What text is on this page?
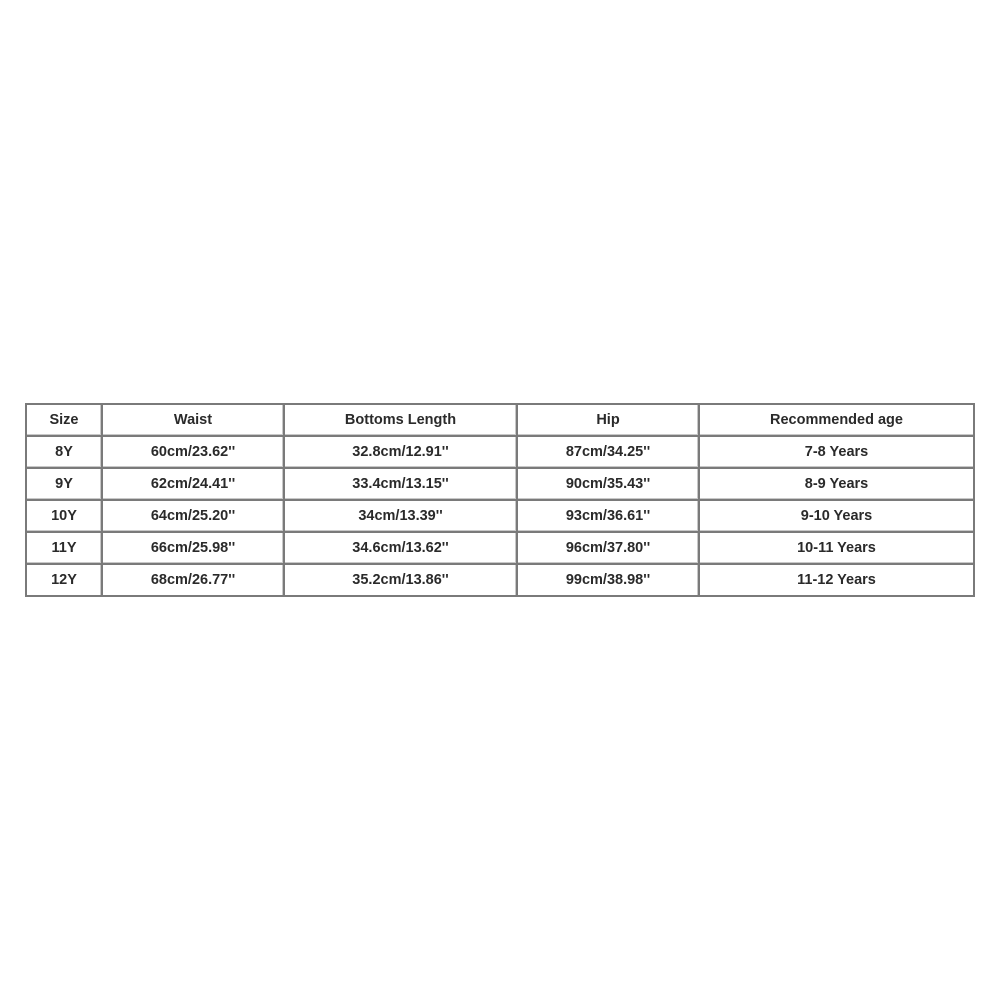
Size	Waist	Bottoms Length	Hip	Recommended age
8Y	60cm/23.62''	32.8cm/12.91''	87cm/34.25''	7-8 Years
9Y	62cm/24.41''	33.4cm/13.15''	90cm/35.43''	8-9 Years
10Y	64cm/25.20''	34cm/13.39''	93cm/36.61''	9-10 Years
11Y	66cm/25.98''	34.6cm/13.62''	96cm/37.80''	10-11 Years
12Y	68cm/26.77''	35.2cm/13.86''	99cm/38.98''	11-12 Years
